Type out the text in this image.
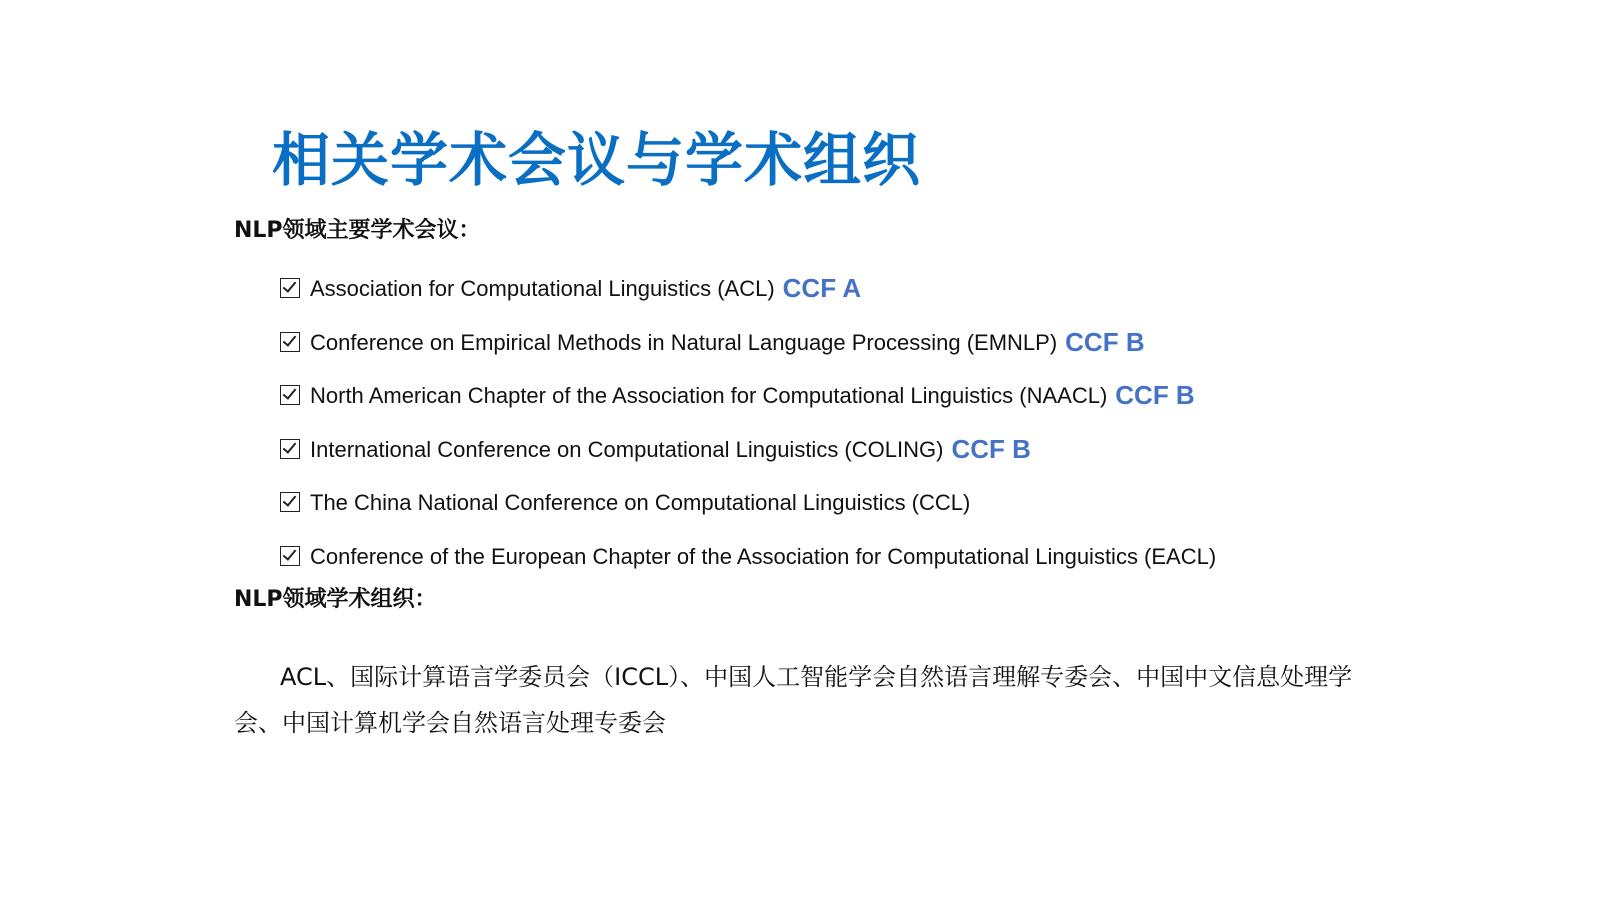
相关学术会议与学术组织
NLP领域主要学术会议：
Association for Computational Linguistics (ACL) CCF A
Conference on Empirical Methods in Natural Language Processing (EMNLP) CCF B
North American Chapter of the Association for Computational Linguistics (NAACL) CCF B
International Conference on Computational Linguistics (COLING) CCF B
The China National Conference on Computational Linguistics (CCL)
Conference of the European Chapter of the Association for Computational Linguistics (EACL)
NLP领域学术组织：

ACL、国际计算语言学委员会（ICCL）、中国人工智能学会自然语言理解专委会、中国中文信息处理学会、中国计算机学会自然语言处理专委会
